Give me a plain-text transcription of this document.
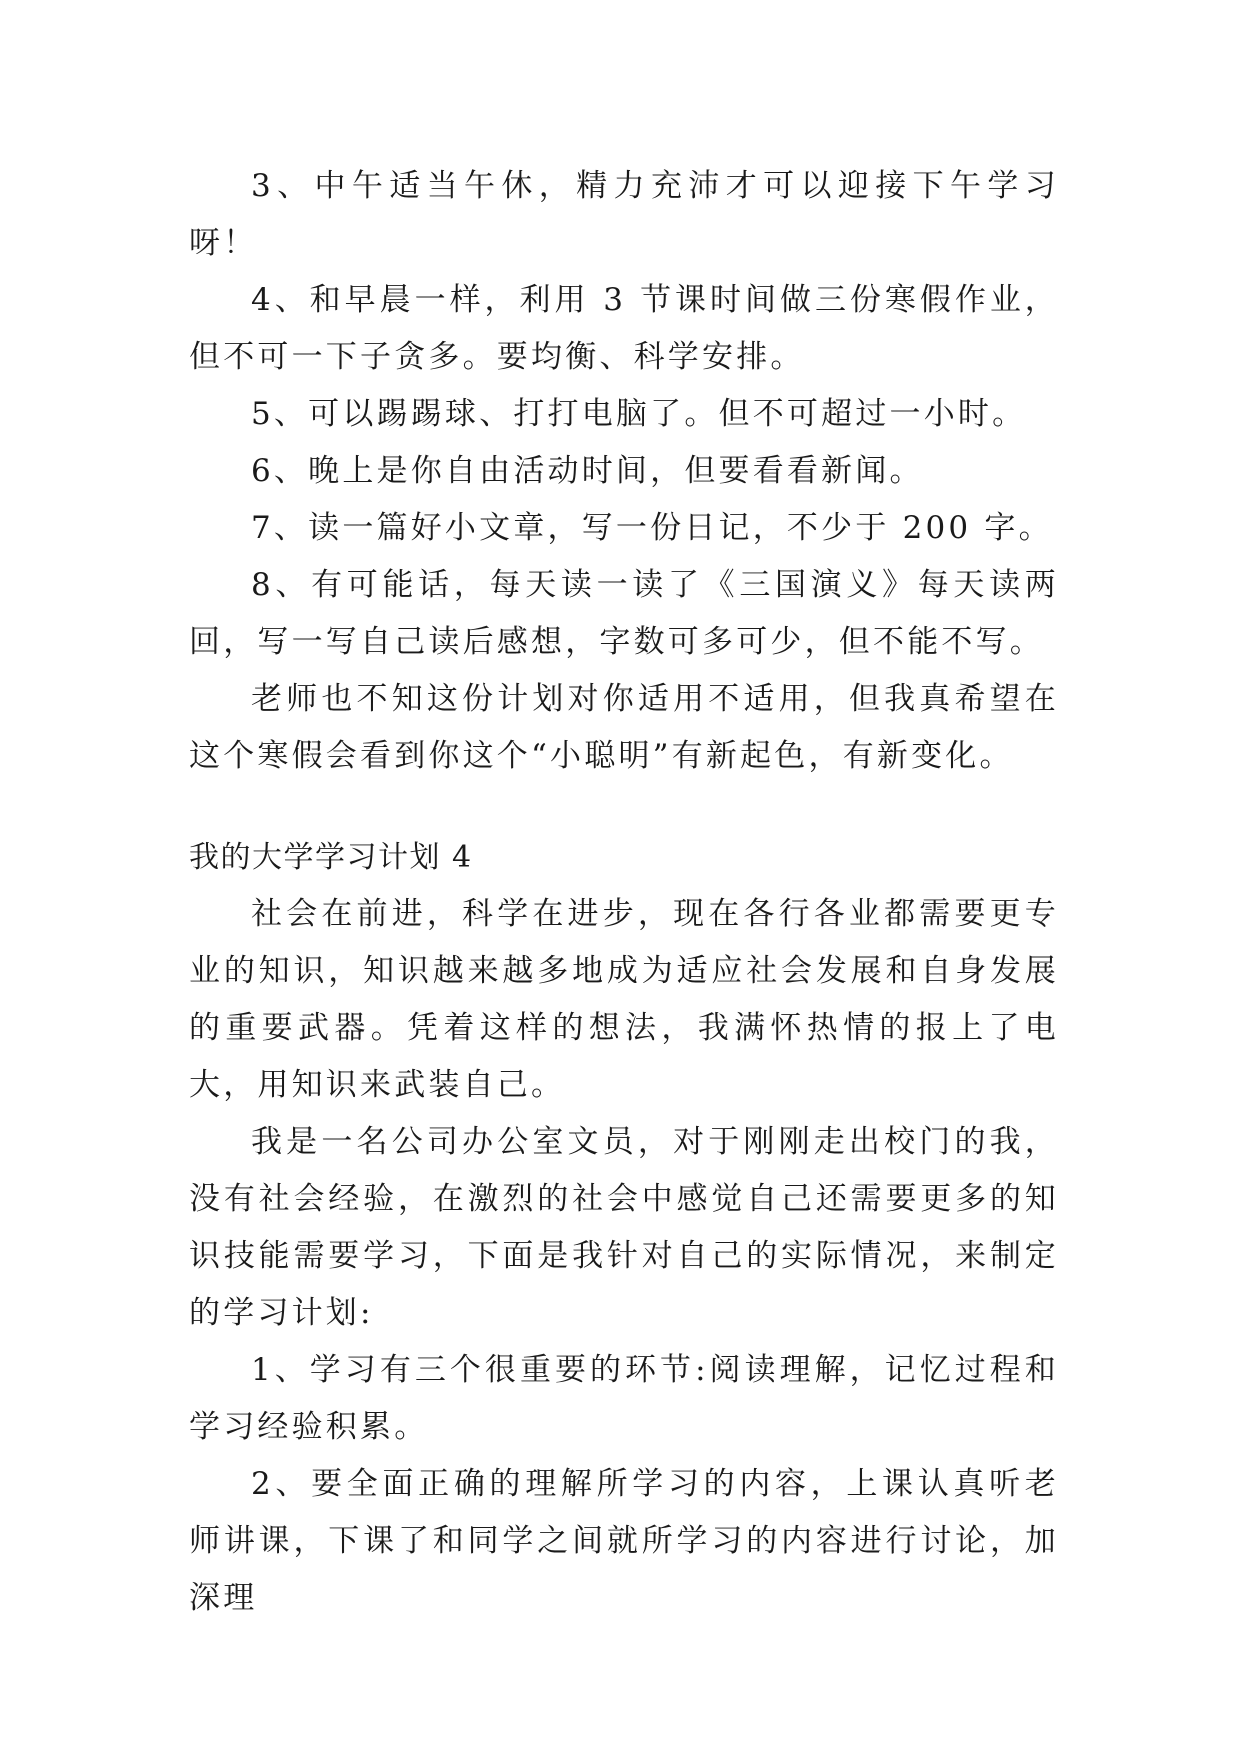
3、中午适当午休，精力充沛才可以迎接下午学习呀！

4、和早晨一样，利用 3 节课时间做三份寒假作业，但不可一下子贪多。要均衡、科学安排。

5、可以踢踢球、打打电脑了。但不可超过一小时。

6、晚上是你自由活动时间，但要看看新闻。

7、读一篇好小文章，写一份日记，不少于 200 字。

8、有可能话，每天读一读了《三国演义》每天读两回，写一写自己读后感想，字数可多可少，但不能不写。

老师也不知这份计划对你适用不适用，但我真希望在这个寒假会看到你这个“小聪明”有新起色，有新变化。

我的大学学习计划 4

社会在前进，科学在进步，现在各行各业都需要更专业的知识，知识越来越多地成为适应社会发展和自身发展的重要武器。凭着这样的想法，我满怀热情的报上了电大，用知识来武装自己。

我是一名公司办公室文员，对于刚刚走出校门的我，没有社会经验，在激烈的社会中感觉自己还需要更多的知识技能需要学习，下面是我针对自己的实际情况，来制定的学习计划:

1、学习有三个很重要的环节:阅读理解，记忆过程和学习经验积累。

2、要全面正确的理解所学习的内容，上课认真听老师讲课，下课了和同学之间就所学习的内容进行讨论，加深理
